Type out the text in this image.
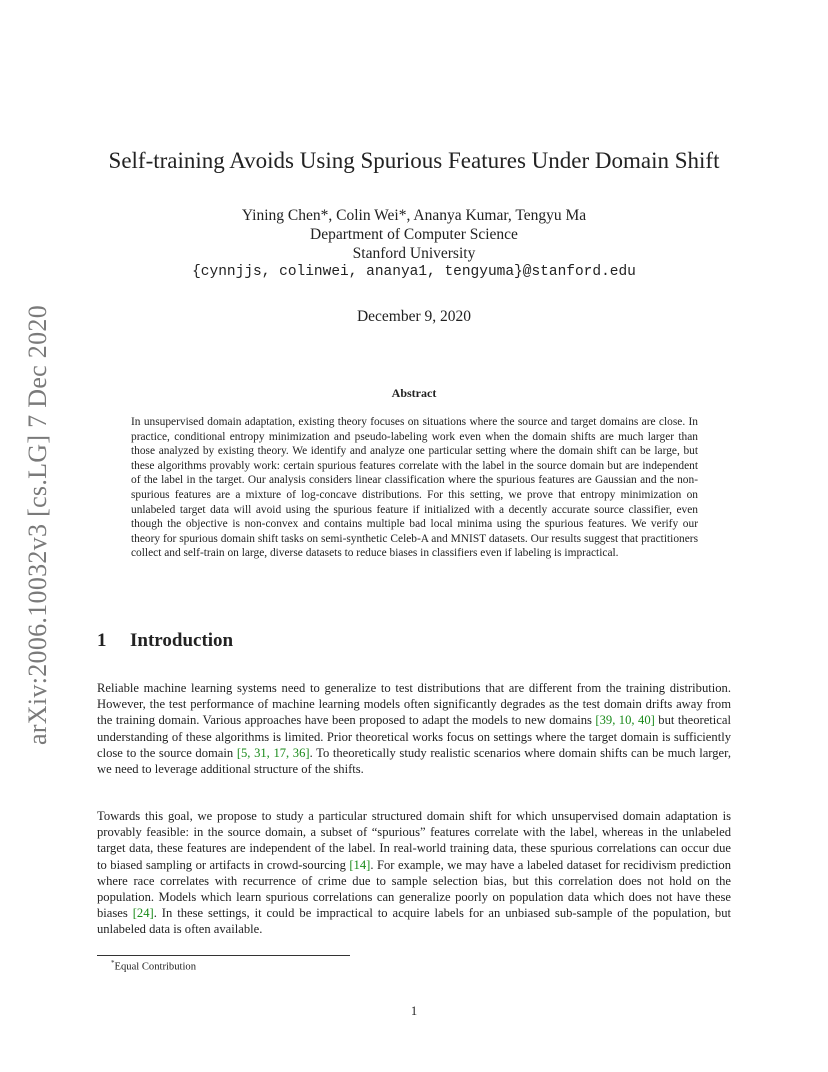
arXiv:2006.10032v3 [cs.LG] 7 Dec 2020
Self-training Avoids Using Spurious Features Under Domain Shift
Yining Chen*, Colin Wei*, Ananya Kumar, Tengyu Ma
Department of Computer Science
Stanford University
{cynnjjs, colinwei, ananya1, tengyuma}@stanford.edu
December 9, 2020
Abstract
In unsupervised domain adaptation, existing theory focuses on situations where the source and target domains are close. In practice, conditional entropy minimization and pseudo-labeling work even when the domain shifts are much larger than those analyzed by existing theory. We identify and analyze one particular setting where the domain shift can be large, but these algorithms provably work: certain spurious features correlate with the label in the source domain but are independent of the label in the target. Our analysis considers linear classification where the spurious features are Gaussian and the non-spurious features are a mixture of log-concave distributions. For this setting, we prove that entropy minimization on unlabeled target data will avoid using the spurious feature if initialized with a decently accurate source classifier, even though the objective is non-convex and contains multiple bad local minima using the spurious features. We verify our theory for spurious domain shift tasks on semi-synthetic Celeb-A and MNIST datasets. Our results suggest that practitioners collect and self-train on large, diverse datasets to reduce biases in classifiers even if labeling is impractical.
1 Introduction

Reliable machine learning systems need to generalize to test distributions that are different from the training distribution. However, the test performance of machine learning models often significantly degrades as the test domain drifts away from the training domain. Various approaches have been proposed to adapt the models to new domains [39, 10, 40] but theoretical understanding of these algorithms is limited. Prior theoretical works focus on settings where the target domain is sufficiently close to the source domain [5, 31, 17, 36]. To theoretically study realistic scenarios where domain shifts can be much larger, we need to leverage additional structure of the shifts.

Towards this goal, we propose to study a particular structured domain shift for which unsupervised domain adaptation is provably feasible: in the source domain, a subset of “spurious” features correlate with the label, whereas in the unlabeled target data, these features are independent of the label. In real-world training data, these spurious correlations can occur due to biased sampling or artifacts in crowd-sourcing [14]. For example, we may have a labeled dataset for recidivism prediction where race correlates with recurrence of crime due to sample selection bias, but this correlation does not hold on the population. Models which learn spurious correlations can generalize poorly on population data which does not have these biases [24]. In these settings, it could be impractical to acquire labels for an unbiased sub-sample of the population, but unlabeled data is often available.

*Equal Contribution
1
